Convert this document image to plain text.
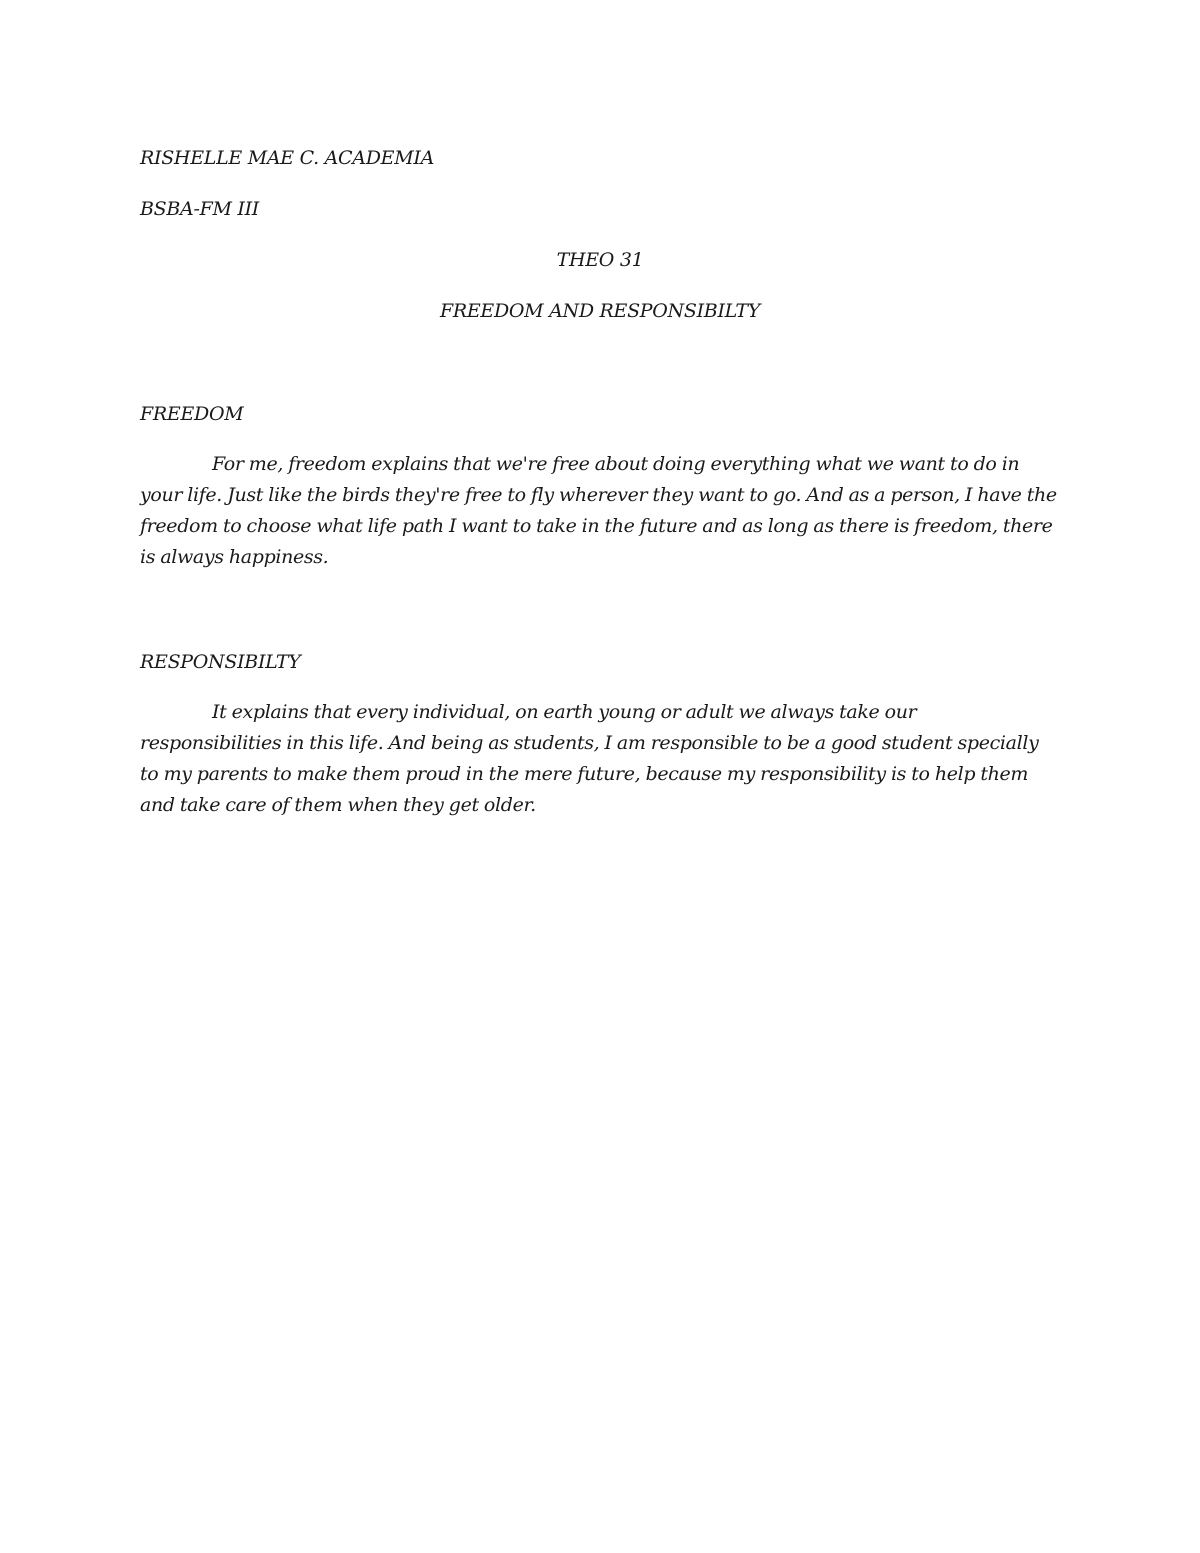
RISHELLE MAE C. ACADEMIA
BSBA-FM III
THEO 31
FREEDOM AND RESPONSIBILTY
FREEDOM

For me, freedom explains that we're free about doing everything what we want to do in your life. Just like the birds they're free to fly wherever they want to go. And as a person, I have the freedom to choose what life path I want to take in the future and as long as there is freedom, there is always happiness.

RESPONSIBILTY

It explains that every individual, on earth young or adult we always take our responsibilities in this life. And being as students, I am responsible to be a good student specially to my parents to make them proud in the mere future, because my responsibility is to help them and take care of them when they get older.
